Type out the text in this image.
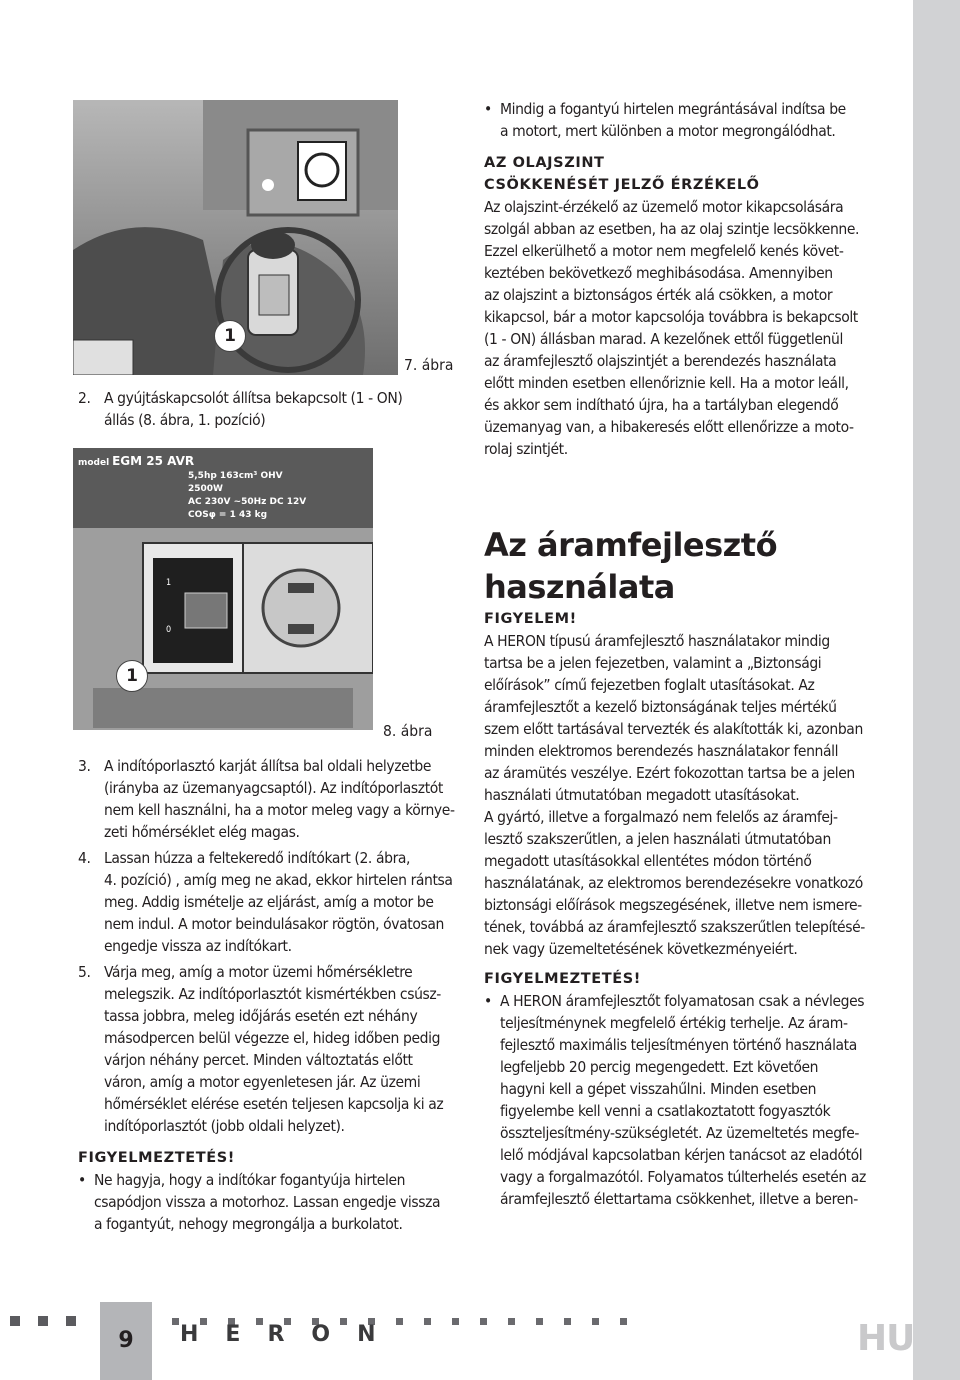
1
7. ábra
2. A gyújtáskapcsolót állítsa bekapcsolt (1 - ON)
állás (8. ábra, 1. pozíció)
model EGM 25 AVR
5,5hp 163cm³ OHV 2500W
AC 230V ~50Hz DC 12V
COSφ = 1 43 kg
1
0
1
8. ábra
3. A indítóporlasztó karját állítsa bal oldali helyzetbe
(irányba az üzemanyagcsaptól). Az indítóporlasztót
nem kell használni, ha a motor meleg vagy a környe-
zeti hőmérséklet elég magas.
4. Lassan húzza a feltekeredő indítókart (2. ábra,
4. pozíció) , amíg meg ne akad, ekkor hirtelen rántsa
meg. Addig ismételje az eljárást, amíg a motor be
nem indul. A motor beindulásakor rögtön, óvatosan
engedje vissza az indítókart.
5. Várja meg, amíg a motor üzemi hőmérsékletre
melegszik. Az indítóporlasztót kismértékben csúsz-
tassa jobbra, meleg időjárás esetén ezt néhány
másodpercen belül végezze el, hideg időben pedig
várjon néhány percet. Minden változtatás előtt
váron, amíg a motor egyenletesen jár. Az üzemi
hőmérséklet elérése esetén teljesen kapcsolja ki az
indítóporlasztót (jobb oldali helyzet).
FIGYELMEZTETÉS!
• Ne hagyja, hogy a indítókar fogantyúja hirtelen
csapódjon vissza a motorhoz. Lassan engedje vissza
a fogantyút, nehogy megrongálja a burkolatot.
• Mindig a fogantyú hirtelen megrántásával indítsa be
a motort, mert különben a motor megrongálódhat.
AZ OLAJSZINT
CSÖKKENÉSÉT JELZŐ ÉRZÉKELŐ
Az olajszint-érzékelő az üzemelő motor kikapcsolására
szolgál abban az esetben, ha az olaj szintje lecsökkenne.
Ezzel elkerülhető a motor nem megfelelő kenés követ-
keztében bekövetkező meghibásodása. Amennyiben
az olajszint a biztonságos érték alá csökken, a motor
kikapcsol, bár a motor kapcsolója továbbra is bekapcsolt
(1 - ON) állásban marad. A kezelőnek ettől függetlenül
az áramfejlesztő olajszintjét a berendezés használata
előtt minden esetben ellenőriznie kell. Ha a motor leáll,
és akkor sem indítható újra, ha a tartályban elegendő
üzemanyag van, a hibakeresés előtt ellenőrizze a moto-
rolaj szintjét.
Az áramfejlesztő
használata
FIGYELEM!
A HERON típusú áramfejlesztő használatakor mindig
tartsa be a jelen fejezetben, valamint a „Biztonsági
előírások” című fejezetben foglalt utasításokat. Az
áramfejlesztőt a kezelő biztonságának teljes mértékű
szem előtt tartásával tervezték és alakították ki, azonban
minden elektromos berendezés használatakor fennáll
az áramütés veszélye. Ezért fokozottan tartsa be a jelen
használati útmutatóban megadott utasításokat.
A gyártó, illetve a forgalmazó nem felelős az áramfej-
lesztő szakszerűtlen, a jelen használati útmutatóban
megadott utasításokkal ellentétes módon történő
használatának, az elektromos berendezésekre vonatkozó
biztonsági előírások megszegésének, illetve nem ismere-
tének, továbbá az áramfejlesztő szakszerűtlen telepítésé-
nek vagy üzemeltetésének következményeiért.
FIGYELMEZTETÉS!
• A HERON áramfejlesztőt folyamatosan csak a névleges
teljesítménynek megfelelő értékig terhelje. Az áram-
fejlesztő maximális teljesítményen történő használata
legfeljebb 20 percig megengedett. Ezt követően
hagyni kell a gépet visszahűlni. Minden esetben
figyelembe kell venni a csatlakoztatott fogyasztók
összteljesítmény-szükségletét. Az üzemeltetés megfe-
lelő módjával kapcsolatban kérjen tanácsot az eladótól
vagy a forgalmazótól. Folyamatos túlterhelés esetén az
áramfejlesztő élettartama csökkenhet, illetve a beren-
9	HERON	HU
